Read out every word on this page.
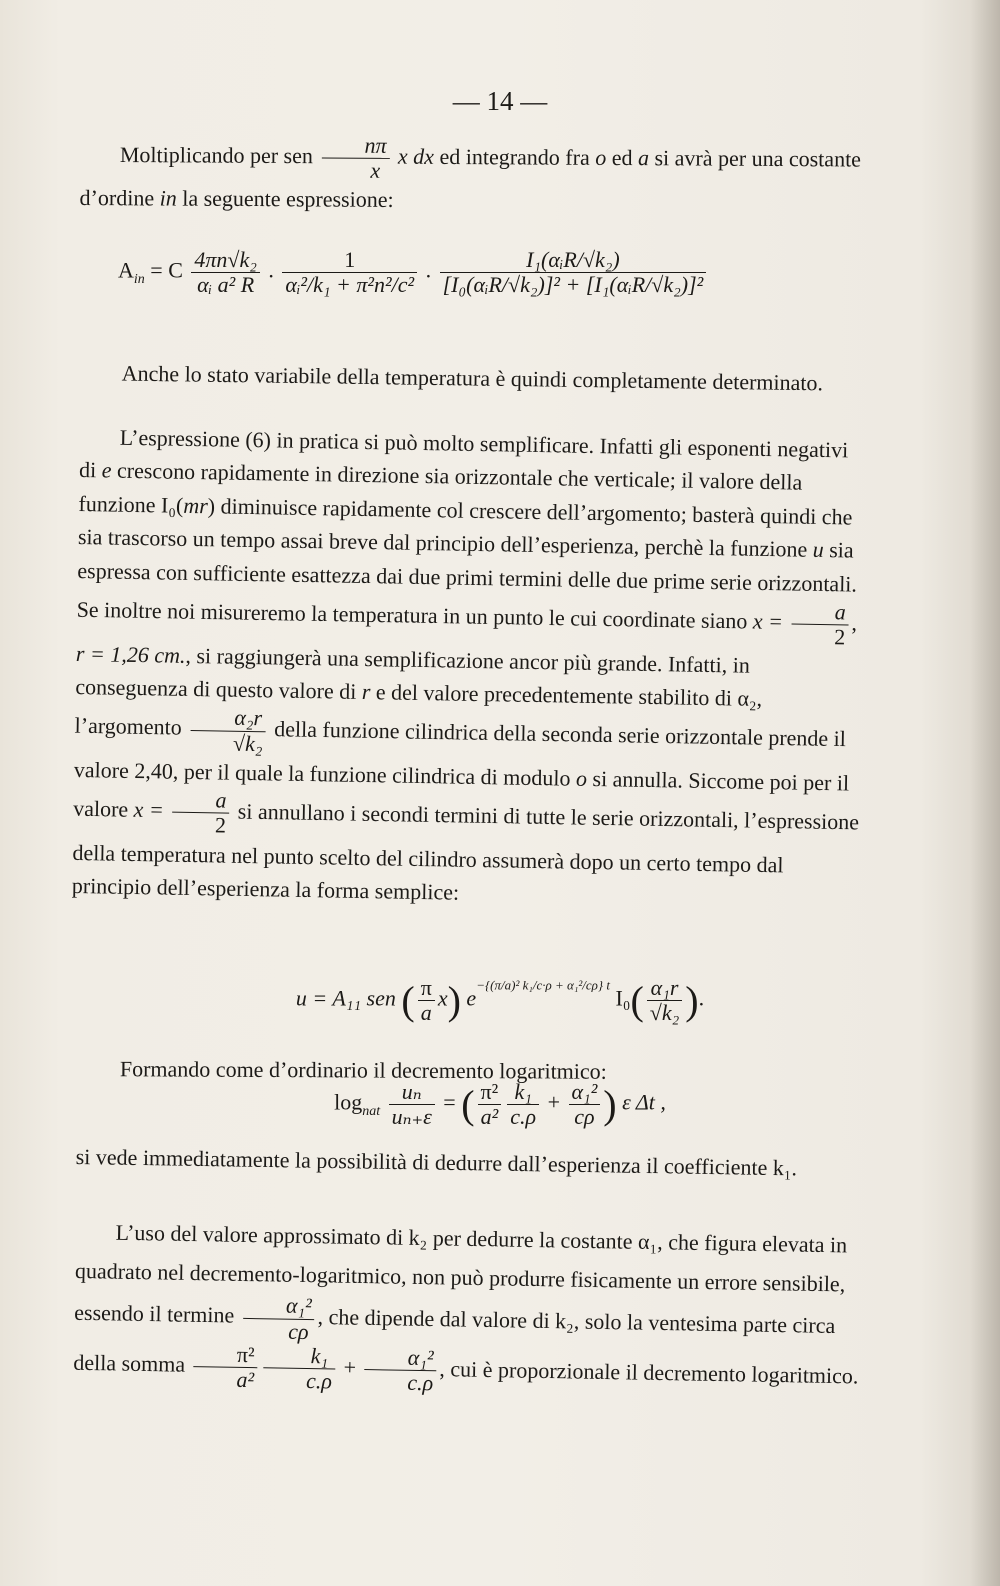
— 14 —
Moltiplicando per sen $\frac{n\pi}{x}$ x dx ed integrando fra o ed a si avrà per una costante d’ordine in la seguente espressione:
$A_{in} = C \frac{\text{4πn√k₂}}{\text{αᵢ a² R}}$ . $\frac{1}{\text{αᵢ²/k₁ + π²n²/c²}}$ . $\frac{\text{I₁(αᵢR/√k₂)}}{\text{[I₀(αᵢR/√k₂)]² + [I₁(αᵢR/√k₂)]²}}$
Anche lo stato variabile della temperatura è quindi completamente determinato.
L’espressione (6) in pratica si può molto semplificare. Infatti gli esponenti negativi di e crescono rapidamente in direzione sia orizzontale che verticale; il valore della funzione I₀(mr) diminuisce rapidamente col crescere dell’argomento; basterà quindi che sia trascorso un tempo assai breve dal principio dell’esperienza, perchè la funzione u sia espressa con sufficiente esattezza dai due primi termini delle due prime serie orizzontali. Se inoltre noi misureremo la temperatura in un punto le cui coordinate siano $x = \frac{a}{2}$ , r = 1,26 cm., si raggiungerà una semplificazione ancor più grande. Infatti, in conseguenza di questo valore di r e del valore precedentemente stabilito di α₂, l’argomento $\frac{\text{α₂r}}{\text{√k₂}}$ della funzione cilindrica della seconda serie orizzontale prende il valore 2,40, per il quale la funzione cilindrica di modulo o si annulla. Siccome poi per il valore $x = \frac{a}{2}$ si annullano i secondi termini di tutte le serie orizzontali, l’espressione della temperatura nel punto scelto del cilindro assumerà dopo un certo tempo dal principio dell’esperienza la forma semplice:
u = A₁₁ sen ( $\frac{\pi}{a} x$) $e^{-\{(\pi/a)^2 k_1/c\cdot\rho + \alpha_1^2/c\rho\} t}$ $I_0( \frac{\text{α₁r}}{\text{√k₂}}$ ).
Formando come d’ordinario il decremento logaritmico:
$\log_{nat} \frac{\text{uₙ}}{\text{uₙ₊ε}}$ = ( $\frac{\text{π²}}{\text{a²}} \frac{\text{k₁}}{c.\rho} + \frac{\text{α₁²}}{c\rho}$ ) ε Δt ,
si vede immediatamente la possibilità di dedurre dall’esperienza il coefficiente k₁.
L’uso del valore approssimato di k₂ per dedurre la costante α₁, che figura elevata in quadrato nel decremento-logaritmico, non può produrre fisicamente un errore sensibile, essendo il termine $\frac{\text{α₁²}}{c\rho}$ , che dipende dal valore di k₂, solo la ventesima parte circa della somma $\frac{\text{π²}}{\text{a²}} \frac{\text{k₁}}{c.\rho} + \frac{\text{α₁²}}{c.\rho}$ , cui è proporzionale il decremento logaritmico.
